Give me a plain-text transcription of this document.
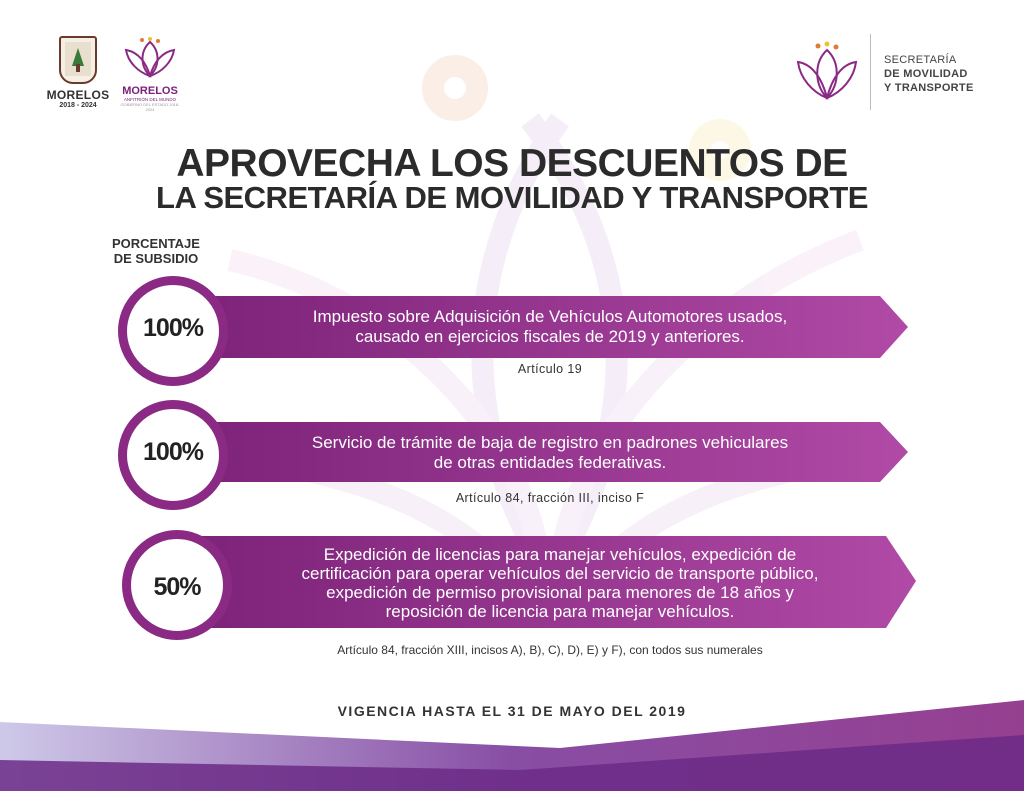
MORELOS
2018 - 2024
MORELOS
ANFITRIÓN DEL MUNDO
GOBIERNO DEL ESTADO 2018-2024
SECRETARÍA
DE MOVILIDAD
Y TRANSPORTE
APROVECHA LOS DESCUENTOS DE
LA SECRETARÍA DE MOVILIDAD Y TRANSPORTE
PORCENTAJE
DE SUBSIDIO
100%	Impuesto sobre Adquisición de Vehículos Automotores usados,
causado en ejercicios fiscales de 2019 y anteriores.
Artículo 19
100%	Servicio de trámite de baja de registro en padrones vehiculares
de otras entidades federativas.
Artículo 84, fracción III, inciso F
50%
Expedición de licencias para manejar vehículos, expedición de
certificación para operar vehículos del servicio de transporte público,
expedición de permiso provisional para menores de 18 años y
reposición de licencia para manejar vehículos.
Artículo 84, fracción XIII, incisos A), B), C), D), E) y F), con todos sus numerales
VIGENCIA HASTA EL 31 DE MAYO DEL 2019
